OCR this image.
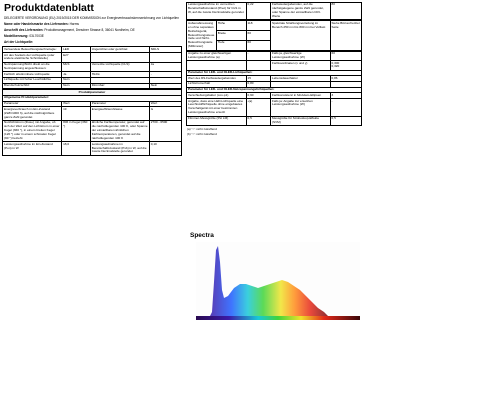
Produktdatenblatt
DELEGIERTE VERORDNUNG (EU) 2019/2015 DER KOMMISSION zur Energieverbrauchskennzeichnung von Lichtquellen
Name oder Handelsmarke des Lieferanten: Harms
Anschrift des Lieferanten: Produktmanagement, Dresdner Strasse 8, 36041 Nordheim, DE
Modellkennung: 03L7003E
Art der Lichtquelle:
Verwendete Beleuchtungstechnologie:	LED	Ungerichtet oder gerichtet:	NDLS
Art des Sockels der Lichtquelle (oder andere elektrische Schnittstelle)	E27		
Netzspannung/Nicht direkt an die Netzspannung angeschlossen:	MLS	Vernetzte Lichtquelle (CLS):	Ja
Farblich abstimmbare Lichtquelle:	Ja	HLDs:	-
Lichtquelle mit hoher Leuchtdichte	Nein		
Blendschutzschild:	Nein	Dimmbar:	Nein
Produktparameter			
Allgemeine Produktparameter:			
Parameter	Wert	Parameter	Wert
Energieverbrauch im Ein-Zustand (kWh/1000 h), auf die nächstgrößere ganze Zahl gerundet	19	Energieeffizienzklasse	G
Nutzlichtstrom (Φuse) mit Angabe, ob sich der Wert auf den Lichtstrom in einer Kugel (360 °), in einem breiten Kegel (120 °) oder in einem schmalen Kegel (90 °) bezieht	806 in Kugel (360 °)	ähnliche Farbtemperatur, gerundet auf die nächstliegenden 100 K, oder Spanne der einstellbaren ähnlichen Farbtemperaturen, gerundet auf die nächstliegenden 100 K	2700 - 6500
Leistungsaufnahme im Ein-Zustand (Pon) in W	18,0	Leistungsaufnahme im Bereitschaftszustand (Psb) in W, auf die zweite Dezimalstelle gerundet	0,10
Leistungsaufnahme im vernetzten Bereitschaftszustand (Pnet) für CLS in W, auf die zweite Dezimalstelle gerundet	0,22	Farbwiedergabeindex, auf die nächstgelegene ganze Zahl gerundet, oder Spanne der einstellbaren CRI-Werte	80
Außenabmessungen ohne separates Betriebsgerät, Beleuchtungssteuerteile und Nicht-Beleuchtungsteile (Millimeter)	Höhe	118	Spektrale Strahlungsverteilung im Bereich 250 nm bis 800 nm bei Volllast	Siehe Bild auf letzter Seite
	Breite	60		
	Tiefe	60		
Angabe zu einer gleichwertigen Leistungsaufnahme (a)	-	Falls ja, gleichwertige Leistungsaufnahme (W)	60
		Farbkoordinaten (x und y)	0,300
0,320
Parameter für LED- und OLED-Lichtquellen:			
Wert des R9-Farbwiedergabeindex	15	Lebensdauerfaktor	0,86
Lichtstromerhalt	0,80		
Parameter für LED- und OLED-Netzspannungslichtquellen:			
Verschiebungsfaktor (cos φ1)	0,90	Farbkonsistenz in McAdam-Ellipsen	3
Angabe, dass eine LED-Lichtquelle eine Leuchtstofflichtquelle ohne eingebautes Vorschaltgerät mit einer bestimmten Leistungsaufnahme ersetzt	-(a)	Falls ja: Angabe zur ersetzten Leistungsaufnahme (W)	-
Flimmer-Messgröße (Pst LM)	0,5	Messgröße für Stroboskop-Effekte (SVM)	0,5
(a) "-": nicht zutreffend
(b) "-": nicht zutreffend
Spectra
